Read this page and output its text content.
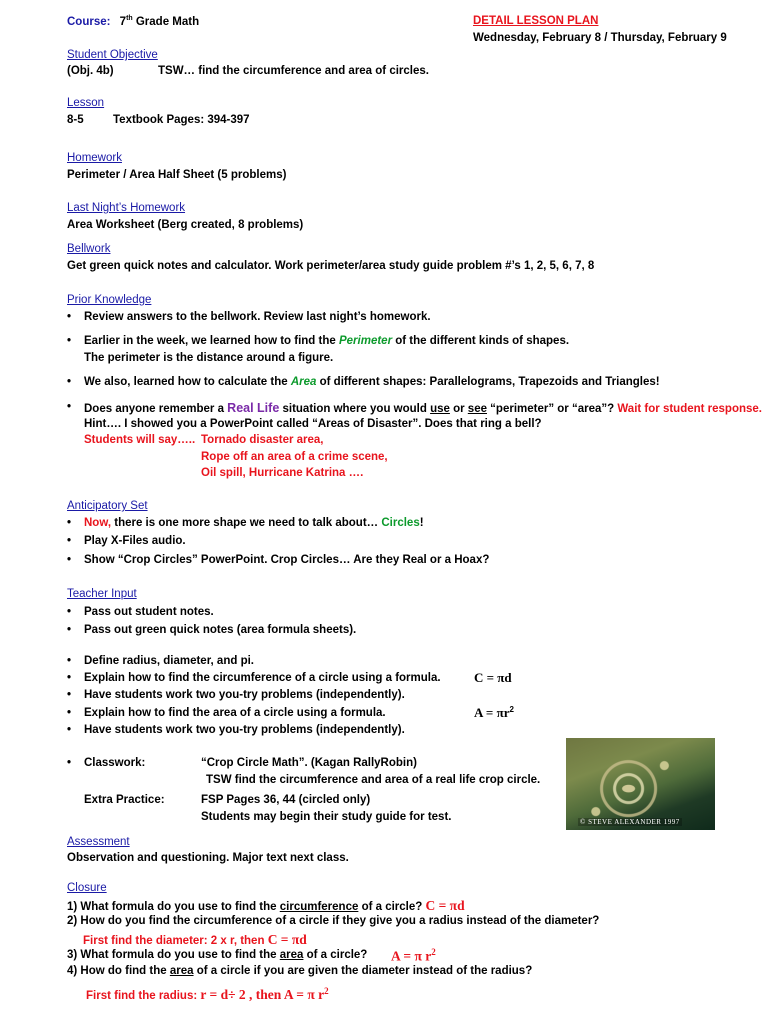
Course: 7th Grade Math	DETAIL LESSON PLAN
Wednesday, February 8 / Thursday, February 9
Student Objective
(Obj. 4b)	TSW… find the circumference and area of circles.
Lesson
8-5	Textbook Pages: 394-397
Homework
Perimeter / Area Half Sheet (5 problems)
Last Night’s Homework
Area Worksheet (Berg created, 8 problems)
Bellwork
Get green quick notes and calculator. Work perimeter/area study guide problem #’s 1, 2, 5, 6, 7, 8
Prior Knowledge
• Review answers to the bellwork. Review last night’s homework.
• Earlier in the week, we learned how to find the Perimeter of the different kinds of shapes.
The perimeter is the distance around a figure.
• We also, learned how to calculate the Area of different shapes: Parallelograms, Trapezoids and Triangles!
• Does anyone remember a Real Life situation where you would use or see “perimeter” or “area”? Wait for student response.
Hint…. I showed you a PowerPoint called “Areas of Disaster”. Does that ring a bell?
Students will say….. Tornado disaster area,
Rope off an area of a crime scene,
Oil spill, Hurricane Katrina ….
Anticipatory Set
• Now, there is one more shape we need to talk about… Circles!
• Play X-Files audio.
• Show “Crop Circles” PowerPoint. Crop Circles… Are they Real or a Hoax?
Teacher Input
• Pass out student notes.
• Pass out green quick notes (area formula sheets).
• Define radius, diameter, and pi.
• Explain how to find the circumference of a circle using a formula.	C = πd
• Have students work two you-try problems (independently).
• Explain how to find the area of a circle using a formula.	$A = \pi r^2$
• Have students work two you-try problems (independently).
• Classwork:	“Crop Circle Math”. (Kagan RallyRobin)
TSW find the circumference and area of a real life crop circle.
Extra Practice:	FSP Pages 36, 44 (circled only)
Students may begin their study guide for test.	© STEVE ALEXANDER 1997
Assessment
Observation and questioning. Major text next class.
Closure
1) What formula do you use to find the circumference of a circle? C = πd
2) How do you find the circumference of a circle if they give you a radius instead of the diameter?
First find the diameter: 2 x r, then C = πd
3) What formula do you use to find the area of a circle? A = π $r^2$
4) How do find the area of a circle if you are given the diameter instead of the radius?
First find the radius: r = d÷ 2 , then A = π $r^2$
